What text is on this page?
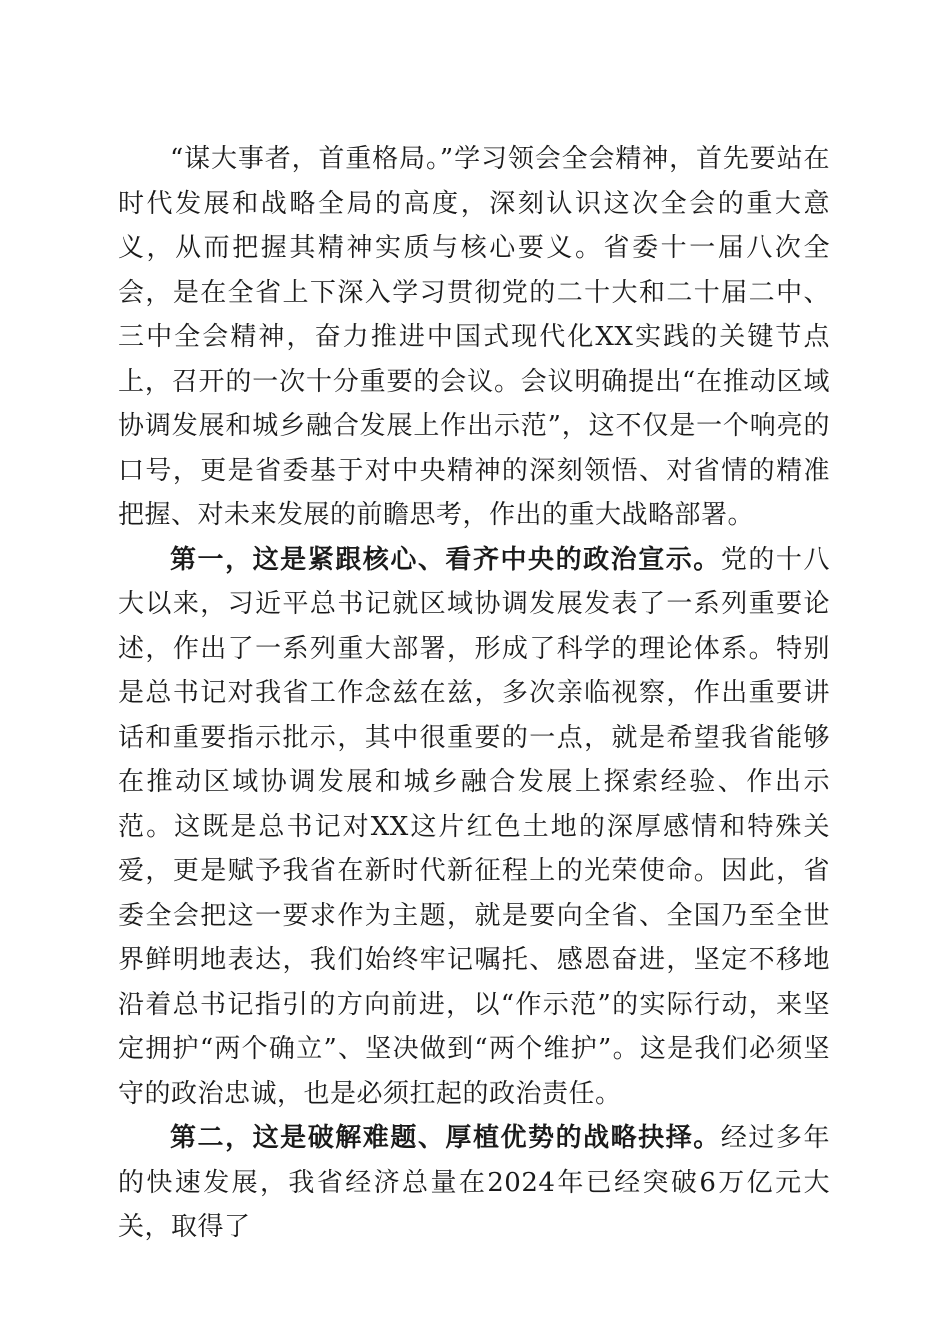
“谋大事者，首重格局。”学习领会全会精神，首先要站在时代发展和战略全局的高度，深刻认识这次全会的重大意义，从而把握其精神实质与核心要义。省委十一届八次全会，是在全省上下深入学习贯彻党的二十大和二十届二中、三中全会精神，奋力推进中国式现代化XX实践的关键节点上，召开的一次十分重要的会议。会议明确提出“在推动区域协调发展和城乡融合发展上作出示范”，这不仅是一个响亮的口号，更是省委基于对中央精神的深刻领悟、对省情的精准把握、对未来发展的前瞻思考，作出的重大战略部署。

第一，这是紧跟核心、看齐中央的政治宣示。党的十八大以来，习近平总书记就区域协调发展发表了一系列重要论述，作出了一系列重大部署，形成了科学的理论体系。特别是总书记对我省工作念兹在兹，多次亲临视察，作出重要讲话和重要指示批示，其中很重要的一点，就是希望我省能够在推动区域协调发展和城乡融合发展上探索经验、作出示范。这既是总书记对XX这片红色土地的深厚感情和特殊关爱，更是赋予我省在新时代新征程上的光荣使命。因此，省委全会把这一要求作为主题，就是要向全省、全国乃至全世界鲜明地表达，我们始终牢记嘱托、感恩奋进，坚定不移地沿着总书记指引的方向前进，以“作示范”的实际行动，来坚定拥护“两个确立”、坚决做到“两个维护”。这是我们必须坚守的政治忠诚，也是必须扛起的政治责任。

第二，这是破解难题、厚植优势的战略抉择。经过多年的快速发展，我省经济总量在2024年已经突破6万亿元大关，取得了
